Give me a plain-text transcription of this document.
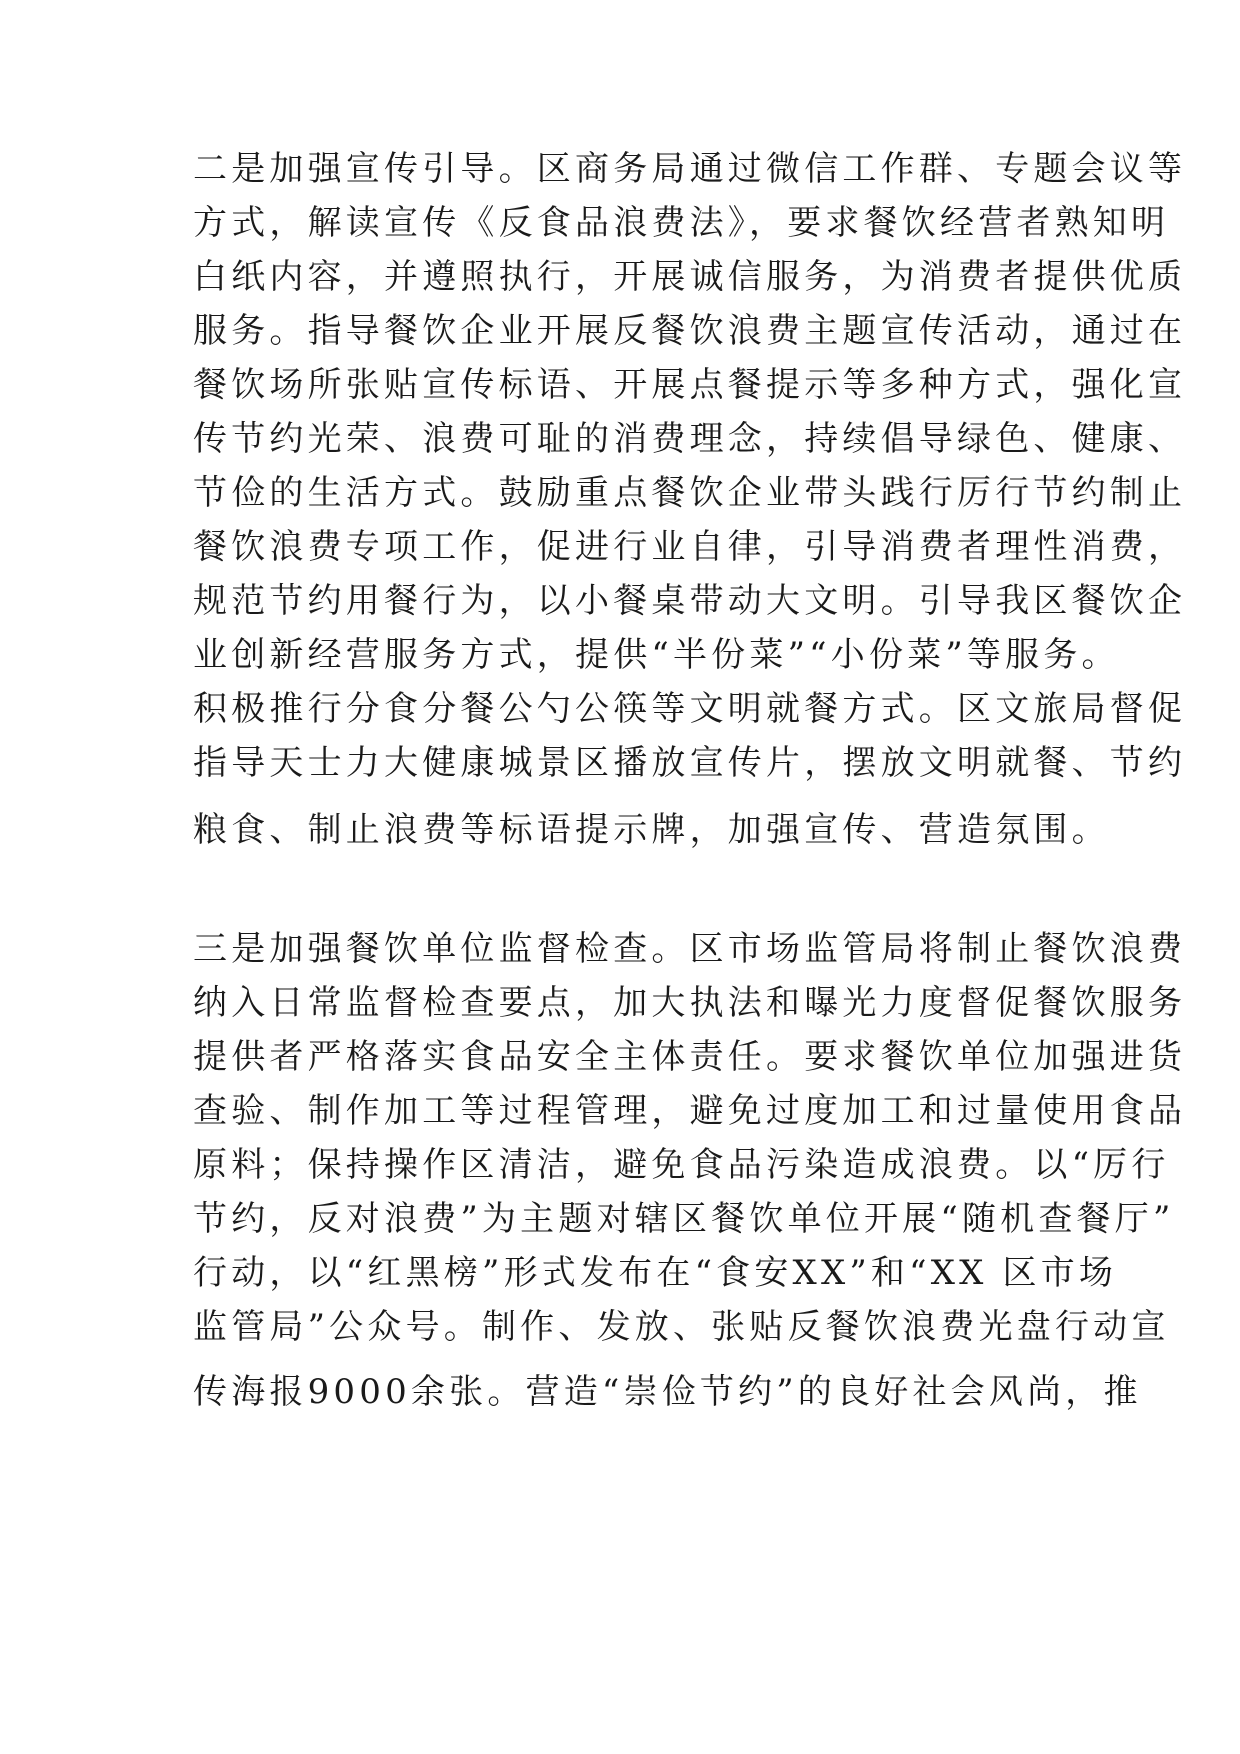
二是加强宣传引导。区商务局通过微信工作群、专题会议等

方式，解读宣传《反食品浪费法》，要求餐饮经营者熟知明

白纸内容，并遵照执行，开展诚信服务，为消费者提供优质

服务。指导餐饮企业开展反餐饮浪费主题宣传活动，通过在

餐饮场所张贴宣传标语、开展点餐提示等多种方式，强化宣

传节约光荣、浪费可耻的消费理念，持续倡导绿色、健康、

节俭的生活方式。鼓励重点餐饮企业带头践行厉行节约制止

餐饮浪费专项工作，促进行业自律，引导消费者理性消费，

规范节约用餐行为，以小餐桌带动大文明。引导我区餐饮企

业创新经营服务方式，提供“半份菜”“小份菜”等服务。

积极推行分食分餐公勺公筷等文明就餐方式。区文旅局督促

指导天士力大健康城景区播放宣传片，摆放文明就餐、节约

粮食、制止浪费等标语提示牌，加强宣传、营造氛围。

三是加强餐饮单位监督检查。区市场监管局将制止餐饮浪费

纳入日常监督检查要点，加大执法和曝光力度督促餐饮服务

提供者严格落实食品安全主体责任。要求餐饮单位加强进货

查验、制作加工等过程管理，避免过度加工和过量使用食品

原料；保持操作区清洁，避免食品污染造成浪费。以“厉行

节约，反对浪费”为主题对辖区餐饮单位开展“随机查餐厅”

行动，以“红黑榜”形式发布在“食安XX”和“XX 区市场

监管局”公众号。制作、发放、张贴反餐饮浪费光盘行动宣

传海报9000余张。营造“崇俭节约”的良好社会风尚，推
